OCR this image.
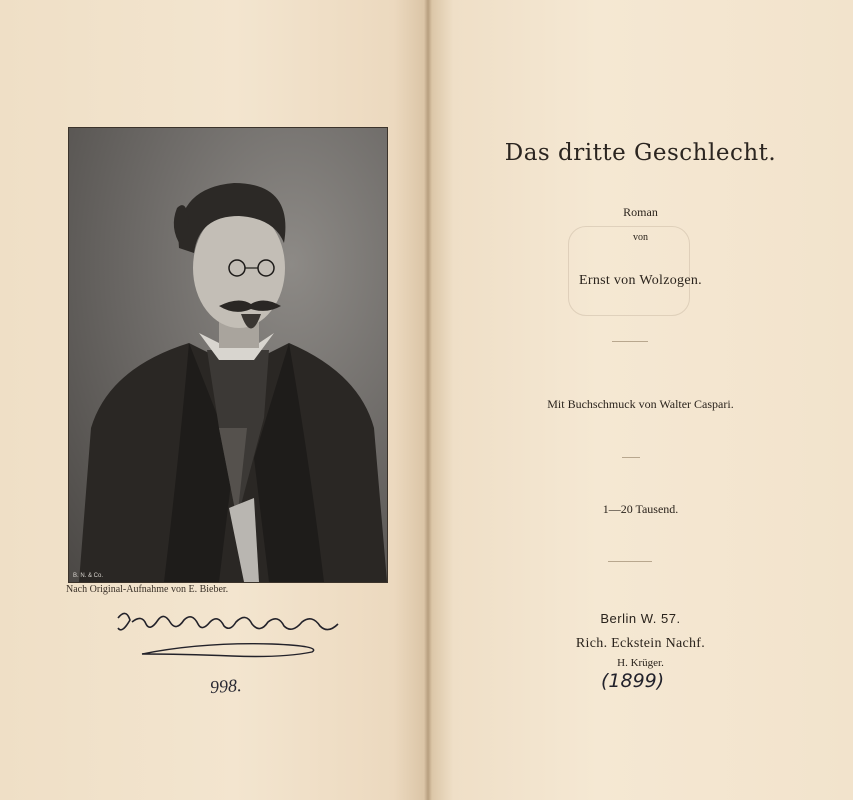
B. N. & Co.
Nach Original-Aufnahme von E. Bieber.
998.
Das dritte Geschlecht.
Roman
von
Ernst von Wolzogen.
Mit Buchschmuck von Walter Caspari.
1—20 Tausend.
Berlin W. 57.
Rich. Eckstein Nachf.
H. Krüger.
(1899)
